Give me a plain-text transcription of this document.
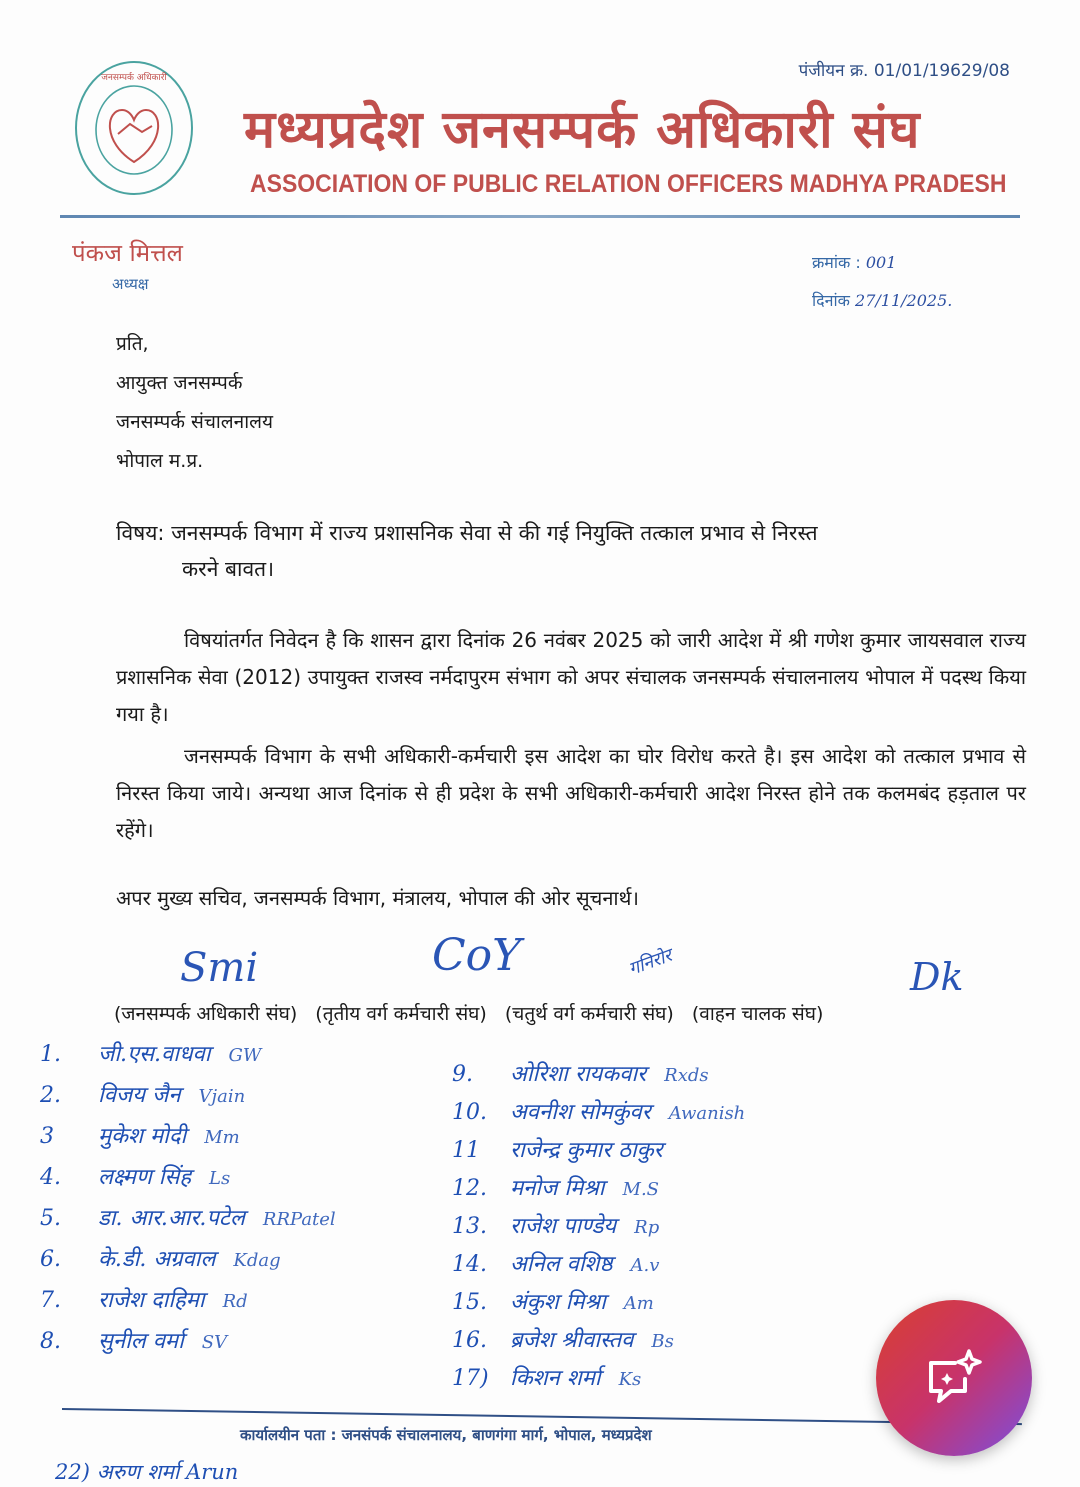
जनसम्पर्क अधिकारी	पंजीयन क्र. 01/01/19629/08
मध्यप्रदेश जनसम्पर्क अधिकारी संघ
ASSOCIATION OF PUBLIC RELATION OFFICERS MADHYA PRADESH
पंकज मित्तल
अध्यक्ष
क्रमांक : 001
दिनांक 27/11/2025.
प्रति,
आयुक्त जनसम्पर्क
जनसम्पर्क संचालनालय
भोपाल म.प्र.
विषय: जनसम्पर्क विभाग में राज्य प्रशासनिक सेवा से की गई नियुक्ति तत्काल प्रभाव से निरस्त
करने बावत।
विषयांतर्गत निवेदन है कि शासन द्वारा दिनांक 26 नवंबर 2025 को जारी आदेश में श्री गणेश कुमार जायसवाल राज्य प्रशासनिक सेवा (2012) उपायुक्त राजस्व नर्मदापुरम संभाग को अपर संचालक जनसम्पर्क संचालनालय भोपाल में पदस्थ किया गया है।
जनसम्पर्क विभाग के सभी अधिकारी-कर्मचारी इस आदेश का घोर विरोध करते है। इस आदेश को तत्काल प्रभाव से निरस्त किया जाये। अन्यथा आज दिनांक से ही प्रदेश के सभी अधिकारी-कर्मचारी आदेश निरस्त होने तक कलमबंद हड़ताल पर रहेंगे।
अपर मुख्य सचिव, जनसम्पर्क विभाग, मंत्रालय, भोपाल की ओर सूचनार्थ।
Smi	CoY	गनिरोर	Dk
(जनसम्पर्क अधिकारी संघ) (तृतीय वर्ग कर्मचारी संघ) (चतुर्थ वर्ग कर्मचारी संघ) (वाहन चालक संघ)
1. जी.एस.वाधवा GW
2. विजय जैन Vjain
3 मुकेश मोदी Mm
4. लक्ष्मण सिंह Ls
5. डा. आर.आर.पटेल RRPatel
6. के.डी. अग्रवाल Kdag
7. राजेश दाहिमा Rd
8. सुनील वर्मा SV
9. ओरिशा रायकवार Rxds
10. अवनीश सोमकुंवर Awanish
11 राजेन्द्र कुमार ठाकुर
12. मनोज मिश्रा M.S
13. राजेश पाण्डेय Rp
14. अनिल वशिष्ठ A.v
15. अंकुश मिश्रा Am
16. ब्रजेश श्रीवास्तव Bs
17) किशन शर्मा Ks
कार्यालयीन पता : जनसंपर्क संचालनालय, बाणगंगा मार्ग, भोपाल, मध्यप्रदेश
22) अरुण शर्मा Arun
